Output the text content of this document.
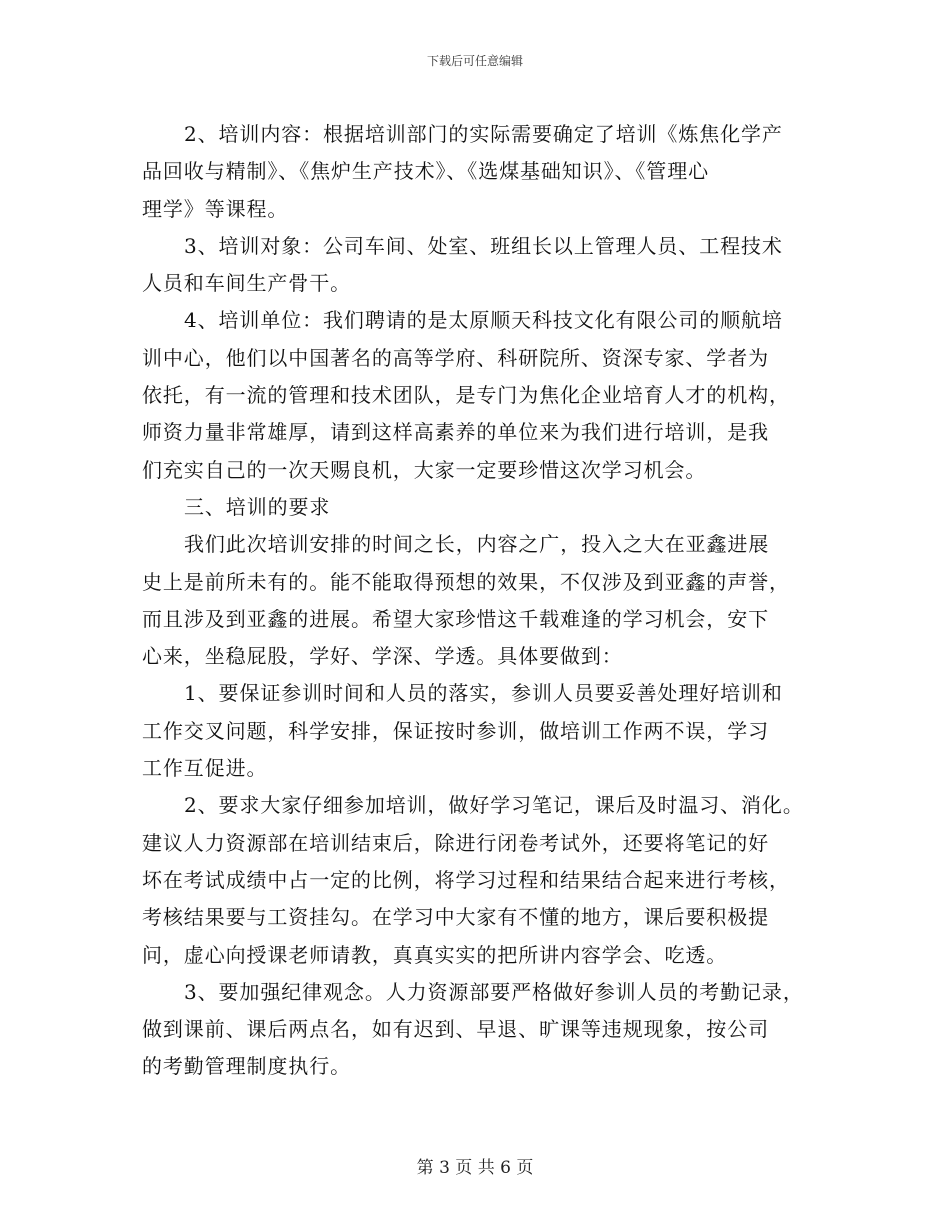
下载后可任意编辑
2、培训内容：根据培训部门的实际需要确定了培训《炼焦化学产
品回收与精制》、《焦炉生产技术》、《选煤基础知识》、《管理心
理学》等课程。
3、培训对象：公司车间、处室、班组长以上管理人员、工程技术
人员和车间生产骨干。
4、培训单位：我们聘请的是太原顺天科技文化有限公司的顺航培
训中心，他们以中国著名的高等学府、科研院所、资深专家、学者为
依托，有一流的管理和技术团队，是专门为焦化企业培育人才的机构，
师资力量非常雄厚，请到这样高素养的单位来为我们进行培训，是我
们充实自己的一次天赐良机，大家一定要珍惜这次学习机会。
三、培训的要求
我们此次培训安排的时间之长，内容之广，投入之大在亚鑫进展
史上是前所未有的。能不能取得预想的效果，不仅涉及到亚鑫的声誉，
而且涉及到亚鑫的进展。希望大家珍惜这千载难逢的学习机会，安下
心来，坐稳屁股，学好、学深、学透。具体要做到：
1、要保证参训时间和人员的落实，参训人员要妥善处理好培训和
工作交叉问题，科学安排，保证按时参训，做培训工作两不误，学习
工作互促进。
2、要求大家仔细参加培训，做好学习笔记，课后及时温习、消化。
建议人力资源部在培训结束后，除进行闭卷考试外，还要将笔记的好
坏在考试成绩中占一定的比例，将学习过程和结果结合起来进行考核，
考核结果要与工资挂勾。在学习中大家有不懂的地方，课后要积极提
问，虚心向授课老师请教，真真实实的把所讲内容学会、吃透。
3、要加强纪律观念。人力资源部要严格做好参训人员的考勤记录，
做到课前、课后两点名，如有迟到、早退、旷课等违规现象，按公司
的考勤管理制度执行。
第 3 页 共 6 页
